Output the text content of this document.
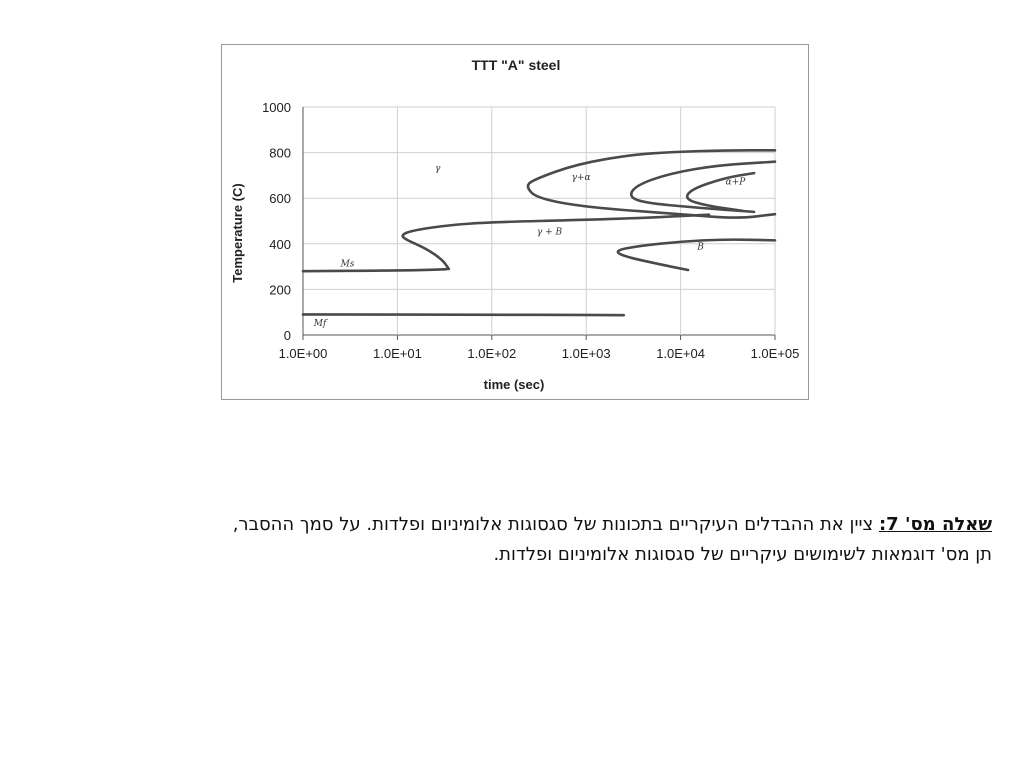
TTT "A" steel
0
200
400
600
800
1000
1.0E+00	1.0E+01	1.0E+02	1.0E+03	1.0E+04	1.0E+05
time (sec)
Temperature (C)
γ
γ+α	α+P
γ + B
B
Ms
Mf
שאלה מס' 7: ציין את ההבדלים העיקריים בתכונות של סגסוגות אלומיניום ופלדות. על סמך ההסבר,
תן מס' דוגמאות לשימושים עיקריים של סגסוגות אלומיניום ופלדות.
